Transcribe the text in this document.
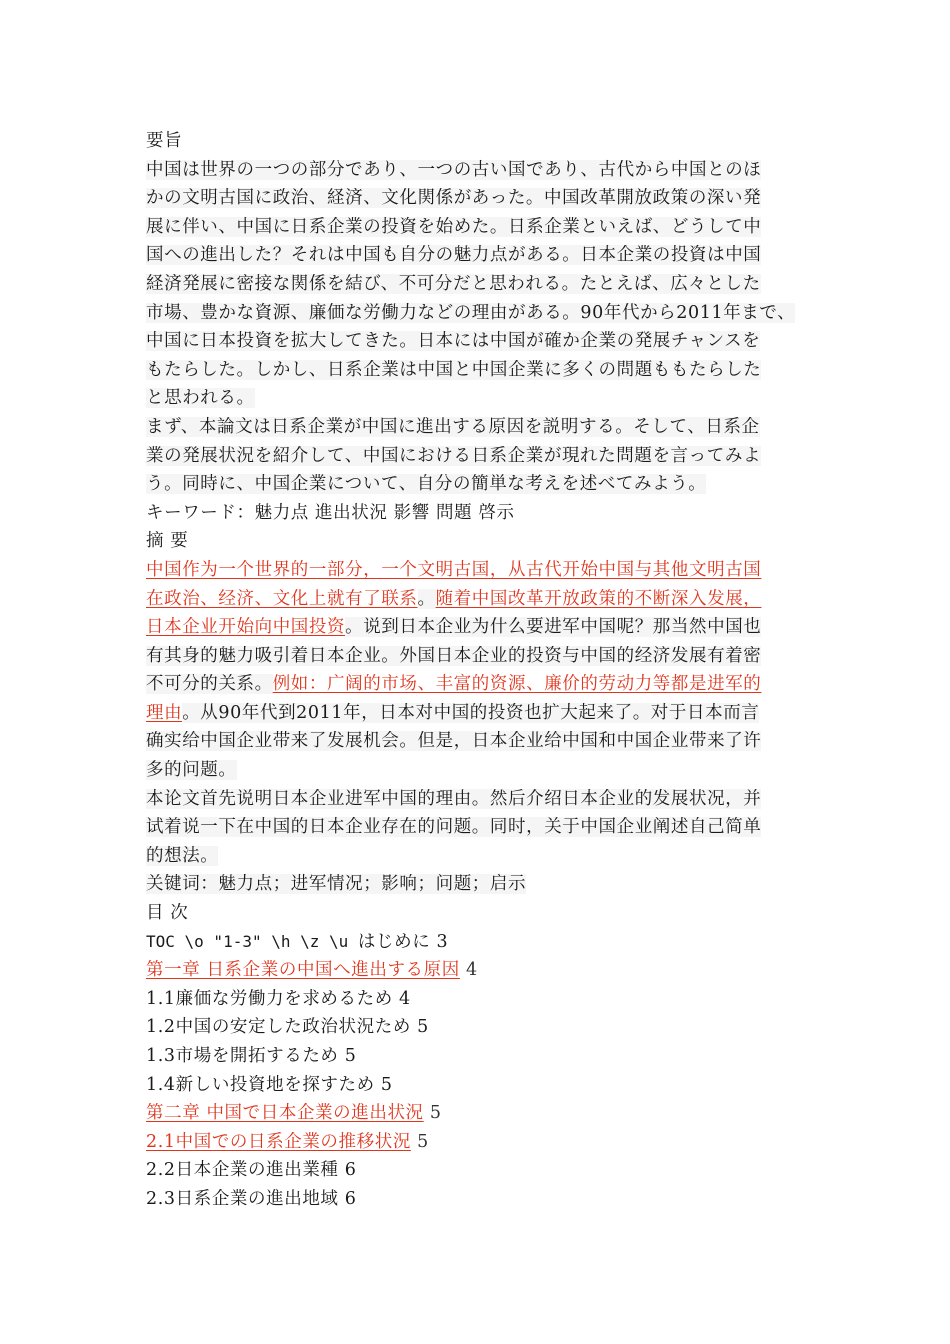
要旨
中国は世界の一つの部分であり、一つの古い国であり、古代から中国とのほ
かの文明古国に政治、経済、文化関係があった。中国改革開放政策の深い発
展に伴い、中国に日系企業の投資を始めた。日系企業といえば、どうして中
国への進出した？それは中国も自分の魅力点がある。日本企業の投資は中国
経済発展に密接な関係を結び、不可分だと思われる。たとえば、広々とした
市場、豊かな資源、廉価な労働力などの理由がある。90年代から2011年まで、
中国に日本投資を拡大してきた。日本には中国が確か企業の発展チャンスを
もたらした。しかし、日系企業は中国と中国企業に多くの問題ももたらした
と思われる。
まず、本論文は日系企業が中国に進出する原因を説明する。そして、日系企
業の発展状況を紹介して、中国における日系企業が現れた問題を言ってみよ
う。同時に、中国企業について、自分の簡単な考えを述べてみよう。
キーワード：魅力点 進出状況 影響 問題 啓示
摘 要
中国作为一个世界的一部分，一个文明古国，从古代开始中国与其他文明古国
在政治、经济、文化上就有了联系。随着中国改革开放政策的不断深入发展，
日本企业开始向中国投资。说到日本企业为什么要进军中国呢？那当然中国也
有其身的魅力吸引着日本企业。外国日本企业的投资与中国的经济发展有着密
不可分的关系。例如：广阔的市场、丰富的资源、廉价的劳动力等都是进军的
理由。从90年代到2011年，日本对中国的投资也扩大起来了。对于日本而言
确实给中国企业带来了发展机会。但是，日本企业给中国和中国企业带来了许
多的问题。
本论文首先说明日本企业进军中国的理由。然后介绍日本企业的发展状况，并
试着说一下在中国的日本企业存在的问题。同时，关于中国企业阐述自己简单
的想法。
关键词：魅力点；进军情况；影响；问题；启示
目 次
TOC \o "1-3" \h \z \u はじめに 3
第一章 日系企業の中国へ進出する原因 4
1.1廉価な労働力を求めるため 4
1.2中国の安定した政治状況ため 5
1.3市場を開拓するため 5
1.4新しい投資地を探すため 5
第二章 中国で日本企業の進出状況 5
2.1中国での日系企業の推移状況 5
2.2日本企業の進出業種 6
2.3日系企業の進出地域 6
